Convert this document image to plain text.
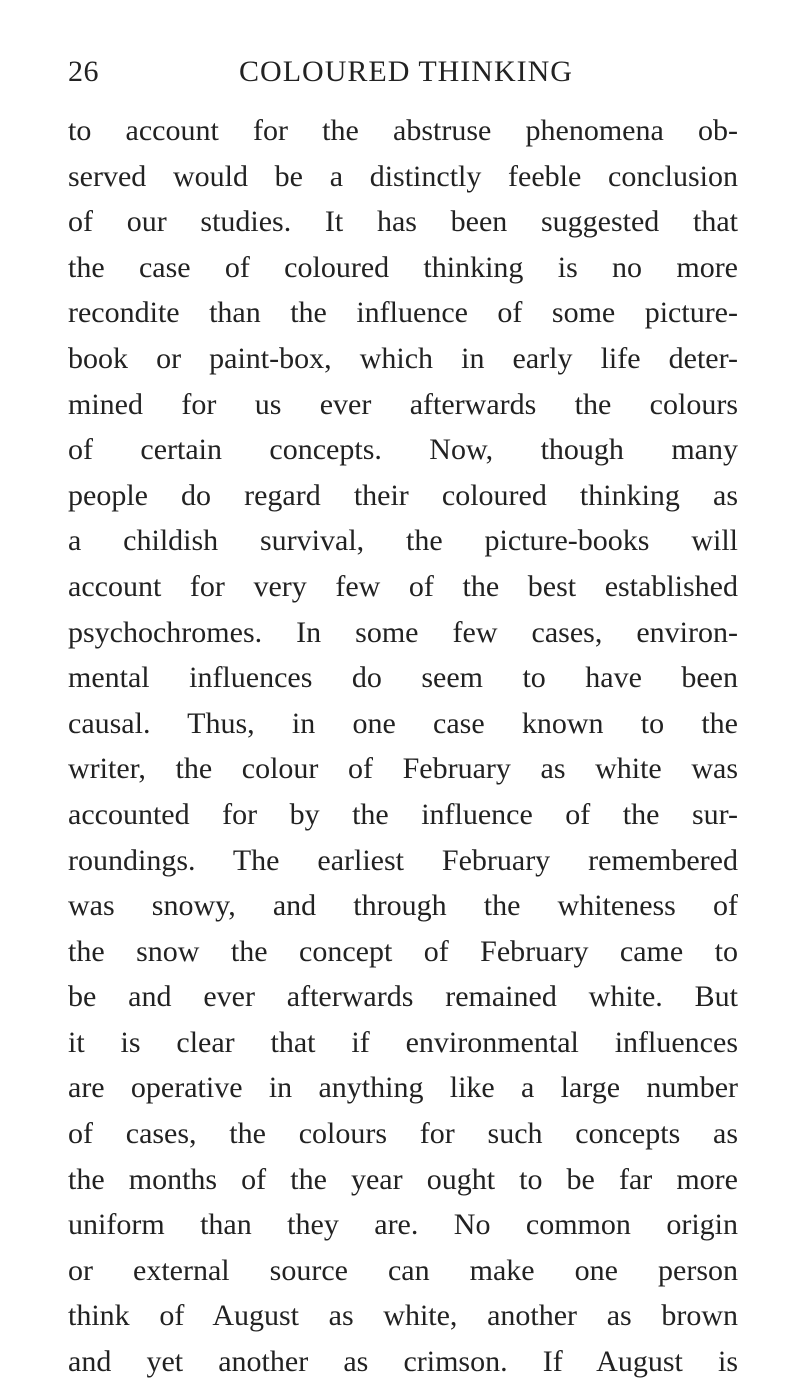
26	COLOURED THINKING
to account for the abstruse phenomena ob-
served would be a distinctly feeble conclusion
of our studies. It has been suggested that
the case of coloured thinking is no more
recondite than the influence of some picture-
book or paint-box, which in early life deter-
mined for us ever afterwards the colours
of certain concepts. Now, though many
people do regard their coloured thinking as
a childish survival, the picture-books will
account for very few of the best established
psychochromes. In some few cases, environ-
mental influences do seem to have been
causal. Thus, in one case known to the
writer, the colour of February as white was
accounted for by the influence of the sur-
roundings. The earliest February remembered
was snowy, and through the whiteness of
the snow the concept of February came to
be and ever afterwards remained white. But
it is clear that if environmental influences
are operative in anything like a large number
of cases, the colours for such concepts as
the months of the year ought to be far more
uniform than they are. No common origin
or external source can make one person
think of August as white, another as brown
and yet another as crimson. If August is
